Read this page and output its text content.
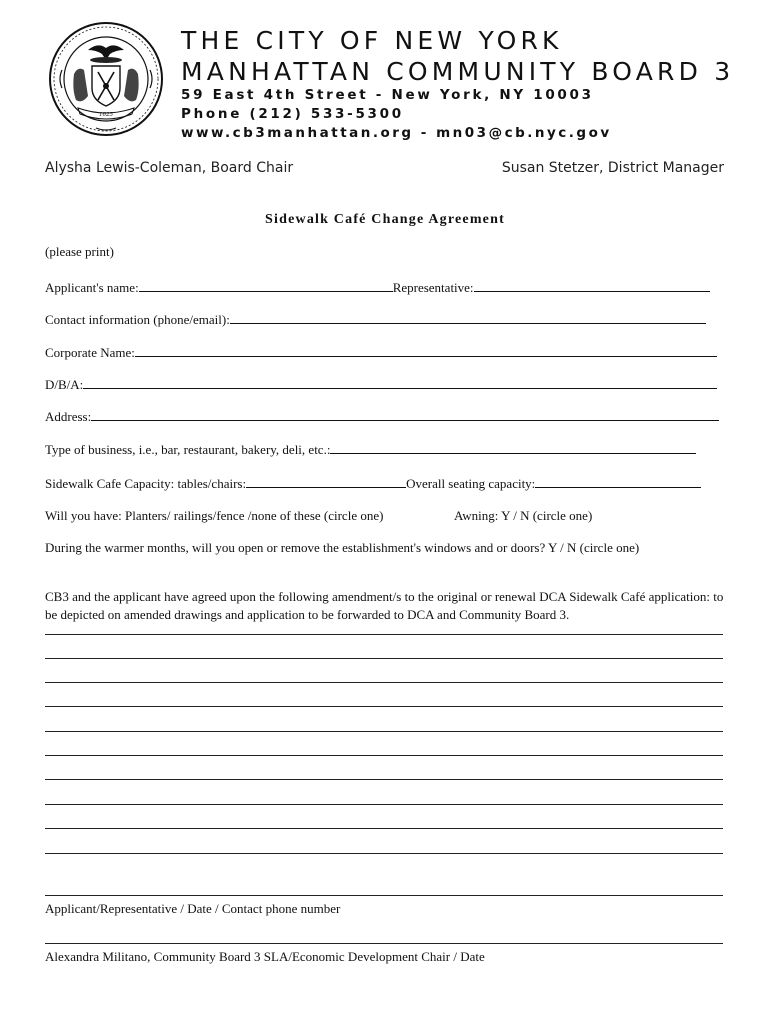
1625
THE CITY OF NEW YORK
MANHATTAN COMMUNITY BOARD 3
59 East 4th Street - New York, NY 10003
Phone (212) 533-5300
www.cb3manhattan.org - mn03@cb.nyc.gov
Alysha Lewis-Coleman, Board Chair	Susan Stetzer, District Manager
Sidewalk Café Change Agreement
(please print)
Applicant's name:	Representative:
Contact information (phone/email):
Corporate Name:
D/B/A:
Address:
Type of business, i.e., bar, restaurant, bakery, deli, etc.:
Sidewalk Cafe Capacity: tables/chairs:	Overall seating capacity:
Will you have: Planters/ railings/fence /none of these (circle one)	Awning: Y / N (circle one)
During the warmer months, will you open or remove the establishment's windows and or doors? Y / N (circle one)
CB3 and the applicant have agreed upon the following amendment/s to the original or renewal DCA Sidewalk Café application: to be depicted on amended drawings and application to be forwarded to DCA and Community Board 3.
Applicant/Representative / Date / Contact phone number
Alexandra Militano, Community Board 3 SLA/Economic Development Chair / Date
